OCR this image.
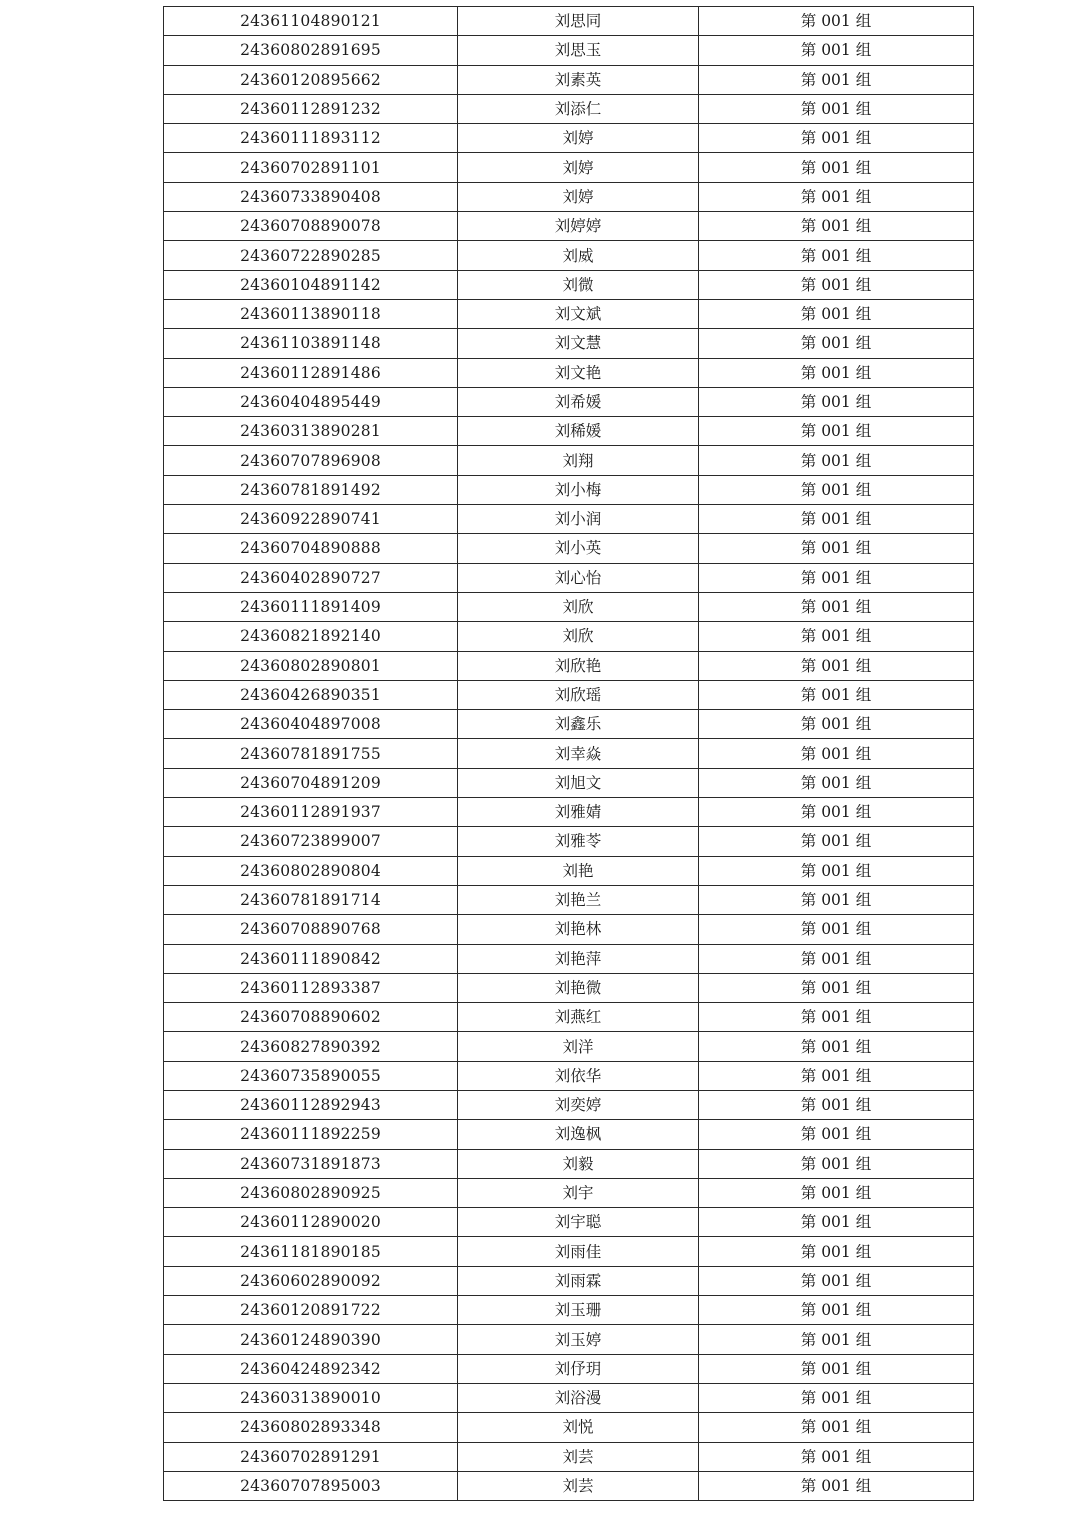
24361104890121	刘思同	第 001 组
24360802891695	刘思玉	第 001 组
24360120895662	刘素英	第 001 组
24360112891232	刘添仁	第 001 组
24360111893112	刘婷	第 001 组
24360702891101	刘婷	第 001 组
24360733890408	刘婷	第 001 组
24360708890078	刘婷婷	第 001 组
24360722890285	刘威	第 001 组
24360104891142	刘微	第 001 组
24360113890118	刘文斌	第 001 组
24361103891148	刘文慧	第 001 组
24360112891486	刘文艳	第 001 组
24360404895449	刘希媛	第 001 组
24360313890281	刘稀媛	第 001 组
24360707896908	刘翔	第 001 组
24360781891492	刘小梅	第 001 组
24360922890741	刘小润	第 001 组
24360704890888	刘小英	第 001 组
24360402890727	刘心怡	第 001 组
24360111891409	刘欣	第 001 组
24360821892140	刘欣	第 001 组
24360802890801	刘欣艳	第 001 组
24360426890351	刘欣瑶	第 001 组
24360404897008	刘鑫乐	第 001 组
24360781891755	刘幸焱	第 001 组
24360704891209	刘旭文	第 001 组
24360112891937	刘雅婧	第 001 组
24360723899007	刘雅苓	第 001 组
24360802890804	刘艳	第 001 组
24360781891714	刘艳兰	第 001 组
24360708890768	刘艳林	第 001 组
24360111890842	刘艳萍	第 001 组
24360112893387	刘艳微	第 001 组
24360708890602	刘燕红	第 001 组
24360827890392	刘洋	第 001 组
24360735890055	刘依华	第 001 组
24360112892943	刘奕婷	第 001 组
24360111892259	刘逸枫	第 001 组
24360731891873	刘毅	第 001 组
24360802890925	刘宇	第 001 组
24360112890020	刘宇聪	第 001 组
24361181890185	刘雨佳	第 001 组
24360602890092	刘雨霖	第 001 组
24360120891722	刘玉珊	第 001 组
24360124890390	刘玉婷	第 001 组
24360424892342	刘伃玥	第 001 组
24360313890010	刘浴漫	第 001 组
24360802893348	刘悦	第 001 组
24360702891291	刘芸	第 001 组
24360707895003	刘芸	第 001 组
